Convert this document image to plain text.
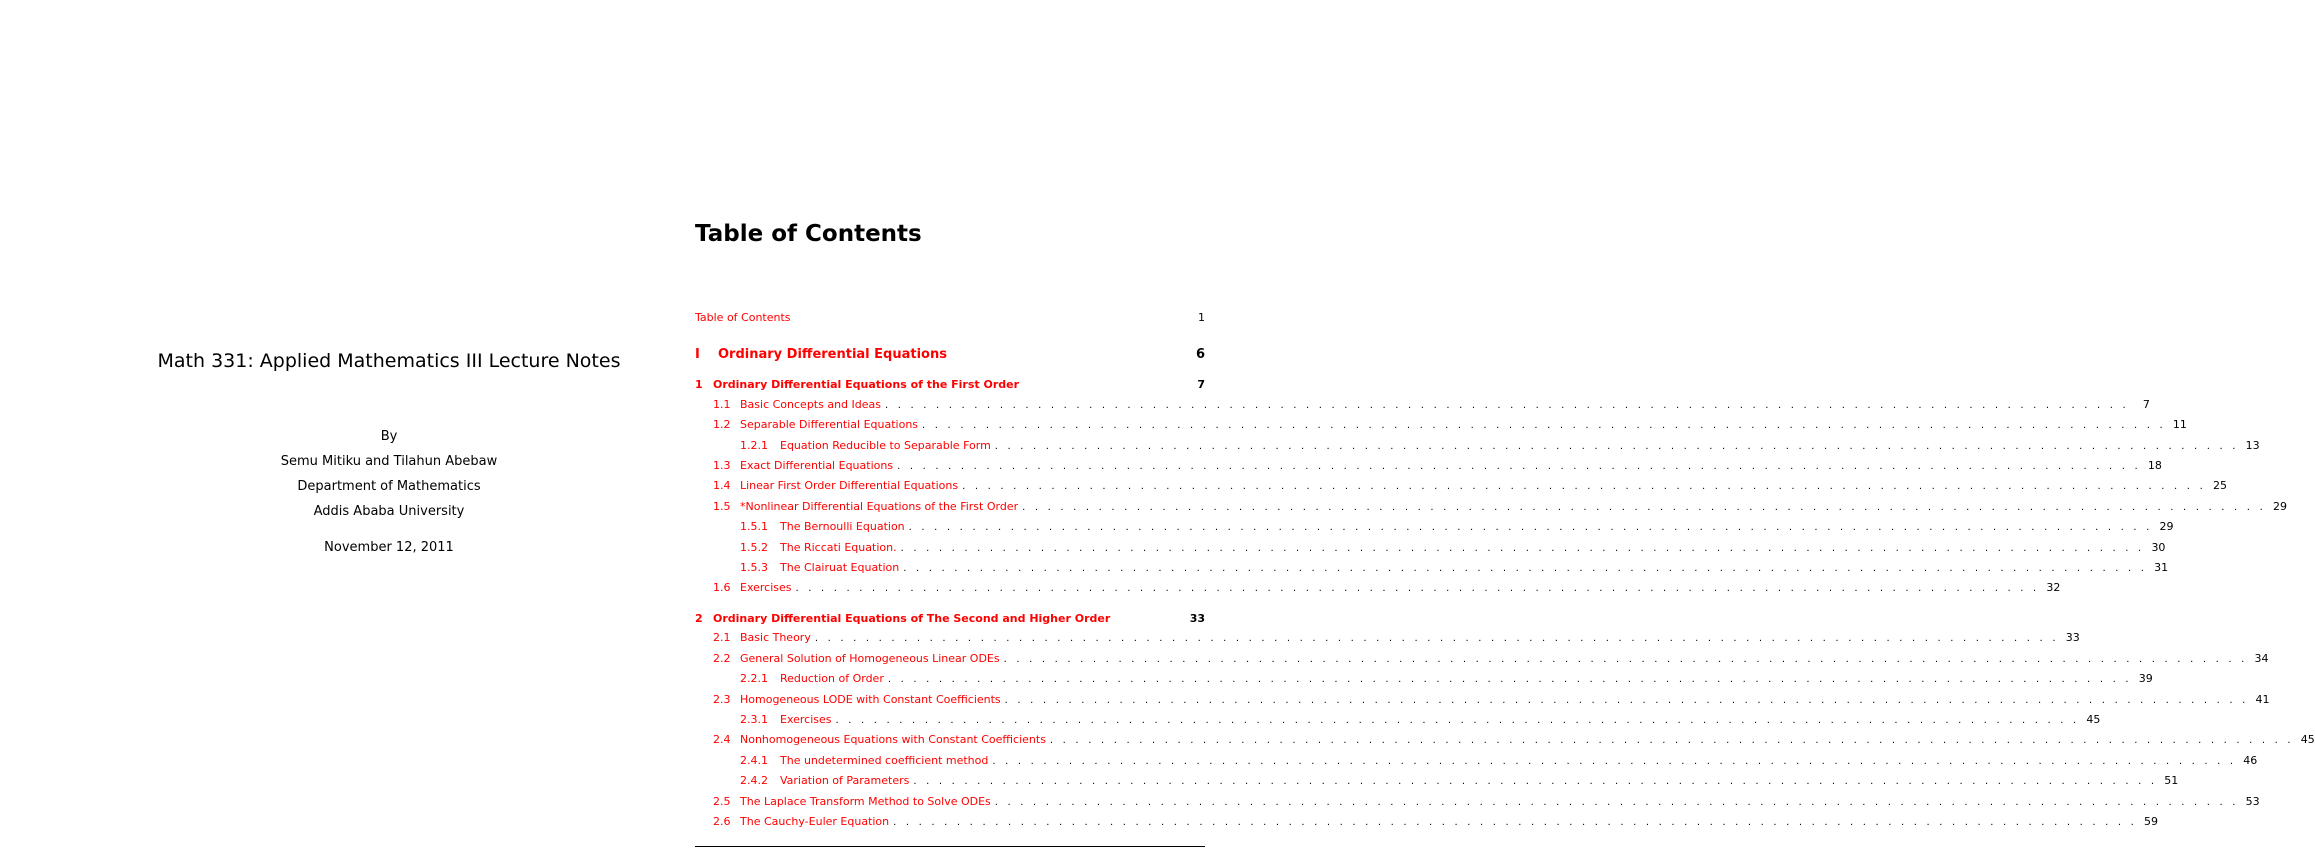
Math 331: Applied Mathematics III Lecture Notes
By
Semu Mitiku and Tilahun Abebaw
Department of Mathematics
Addis Ababa University
November 12, 2011
Table of Contents
Table of Contents	1
I	Ordinary Differential Equations	6
1 Ordinary Differential Equations of the First Order	7
1.1 Basic Concepts and Ideas . . .	7
1.2 Separable Differential Equations . . .	11
1.2.1	Equation Reducible to Separable Form . . .	13
1.3 Exact Differential Equations . . .	18
1.4 Linear First Order Differential Equations . . .	25
1.5 *Nonlinear Differential Equations of the First Order . . .	29
1.5.1	The Bernoulli Equation . . .	29
1.5.2	The Riccati Equation. . . .	30
1.5.3	The Clairuat Equation . . .	31
1.6 Exercises . . .	32
2 Ordinary Differential Equations of The Second and Higher Order	33
2.1 Basic Theory . . .	33
2.2 General Solution of Homogeneous Linear ODEs . . .	34
2.2.1	Reduction of Order . . .	39
2.3 Homogeneous LODE with Constant Coefficients . . .	41
2.3.1	Exercises . . .	45
2.4 Nonhomogeneous Equations with Constant Coefficients . . .	45
2.4.1	The undetermined coefficient method . . .	46
2.4.2	Variation of Parameters . . .	51
2.5 The Laplace Transform Method to Solve ODEs . . .	53
2.6 The Cauchy-Euler Equation . . .	59
